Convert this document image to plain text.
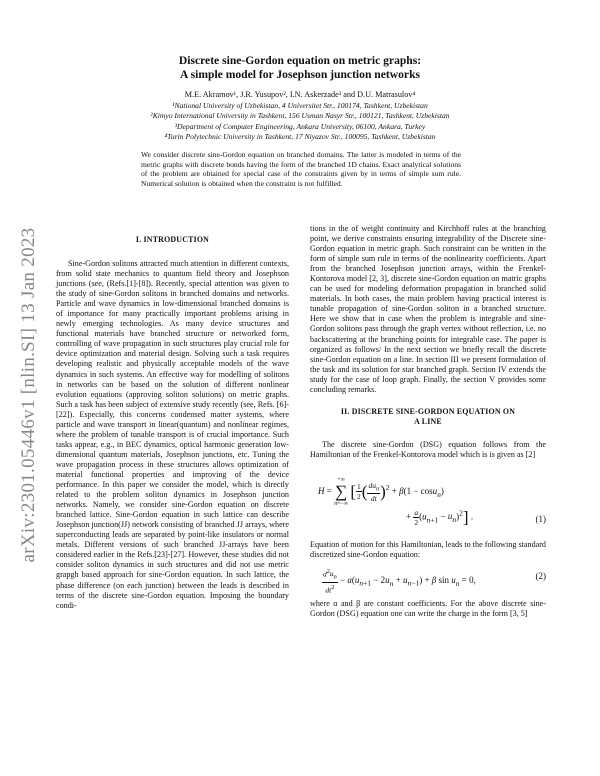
arXiv:2301.05446v1 [nlin.SI] 13 Jan 2023
Discrete sine-Gordon equation on metric graphs:
A simple model for Josephson junction networks
M.E. Akramov¹, J.R. Yusupov², I.N. Askerzade³ and D.U. Matrasulov⁴
¹National University of Uzbekistan, 4 Universitet Str., 100174, Tashkent, Uzbekistan
²Kimyo International University in Tashkent, 156 Usman Nasyr Str., 100121, Tashkent, Uzbekistan
³Department of Computer Engineering, Ankara University, 06100, Ankara, Turkey
⁴Turin Polytechnic University in Tashkent, 17 Niyazov Str., 100095, Tashkent, Uzbekistan
We consider discrete sine-Gordon equation on branched domains. The latter is modeled in terms of the metric graphs with discrete bonds having the form of the branched 1D chains. Exact analytical solutions of the problem are obtained for special case of the constraints given by in terms of simple sum rule. Numerical solution is obtained when the constraint is not fulfilled.
I. INTRODUCTION

Sine-Gordon solitons attracted much attention in different contexts, from solid state mechanics to quantum field theory and Josephson junctions (see, (Refs.[1]-[8]). Recently, special attention was given to the study of sine-Gordon solitons in branched domains and networks. Particle and wave dynamics in low-dimensional branched domains is of importance for many practically important problems arising in newly emerging technologies. As many device structures and functional materials have branched structure or networked form, controlling of wave propagation in such structures play crucial role for device optimization and material design. Solving such a task requires developing realistic and physically acceptable models of the wave dynamics in such systems. An effective way for modelling of solitons in networks can be based on the solution of different nonlinear evolution equations (approving soliton solutions) on metric graphs. Such a task has been subject of extensive study recently (see, Refs. [6]-[22]). Especially, this concerns condensed matter systems, where particle and wave transport in linear(quantum) and nonlinear regimes, where the problem of tunable transport is of crucial importance. Such tasks appear, e.g., in BEC dynamics, optical harmonic generation low-dimensional quantum materials, Josephson junctions, etc. Tuning the wave propagation process in these structures allows optimization of material functional properties and improving of the device performance. In this paper we consider the model, which is directly related to the problem soliton dynamics in Josephson junction networks. Namely, we consider sine-Gordon equation on discrete branched lattice. Sine-Gordon equation in such lattice can describe Josephson junction(JJ) network consisting of branched JJ arrays, where superconducting leads are separated by point-like insulators or normal metals. Different versions of such branched JJ-arrays have been considered earlier in the Refs.[23]-[27]. However, these studies did not consider soliton dynamics in such structures and did not use metric grapgh based approach for sine-Gordon equation. In such lattice, the phase difference (on each junction) between the leads is described in terms of the discrete sine-Gordon equation. Imposing the boundary condi-

tions in the of weight continuity and Kirchhoff rules at the branching point, we derive constraints ensuring integrability of the Discrete sine-Gordon equation in metric graph. Such constraint can be written in the form of simple sum rule in terms of the nonlinearity coefficients. Apart from the branched Josephson junction arrays, within the Frenkel-Kontorova model [2, 3], discrete sine-Gordon equation on matric graphs can be used for modeling deformation propagation in branched solid materials. In both cases, the main problem having practical interest is tunable propagation of sine-Gordon soliton in a branched structure. Here we show that in case when the problem is integrable and sine-Gordon solitons pass through the graph vertex without reflection, i.e. no backscattering at the branching points for integrable case. The paper is organized as follows/ In the next section we briefly recall the discrete sine-Gordon equation on a line. In section III we present formulation of the task and its solution for star branched graph. Section IV extends the study for the case of loop graph. Finally, the section V provides some concluding remarks.

II. DISCRETE SINE-GORDON EQUATION ON
A LINE

The discrete sine-Gordon (DSG) equation follows from the Hamiltonian of the Frenkel-Kontorova model which is is given as [2]

H = +∞
∑
n=−∞ [ $\frac{1}{2}$ ( $\frac{du_n}{dt} )^2 + \beta(1 - \cos u_n)$
+ $\frac{a}{2} (u_{n+1} - u_n)^2$] .	(1)

Equation of motion for this Hamiltonian, leads to the following standard discretized sine-Gordon equation:

$\frac{d^2u_n}{dt^2} - a(u_{n+1} - 2u_n + u_{n-1}) + \beta$ $\sin u_n = 0$,	(2)

where α and β are constant coefficients. For the above discrete sine-Gordon (DSG) equation one can write the charge in the form [3, 5]
